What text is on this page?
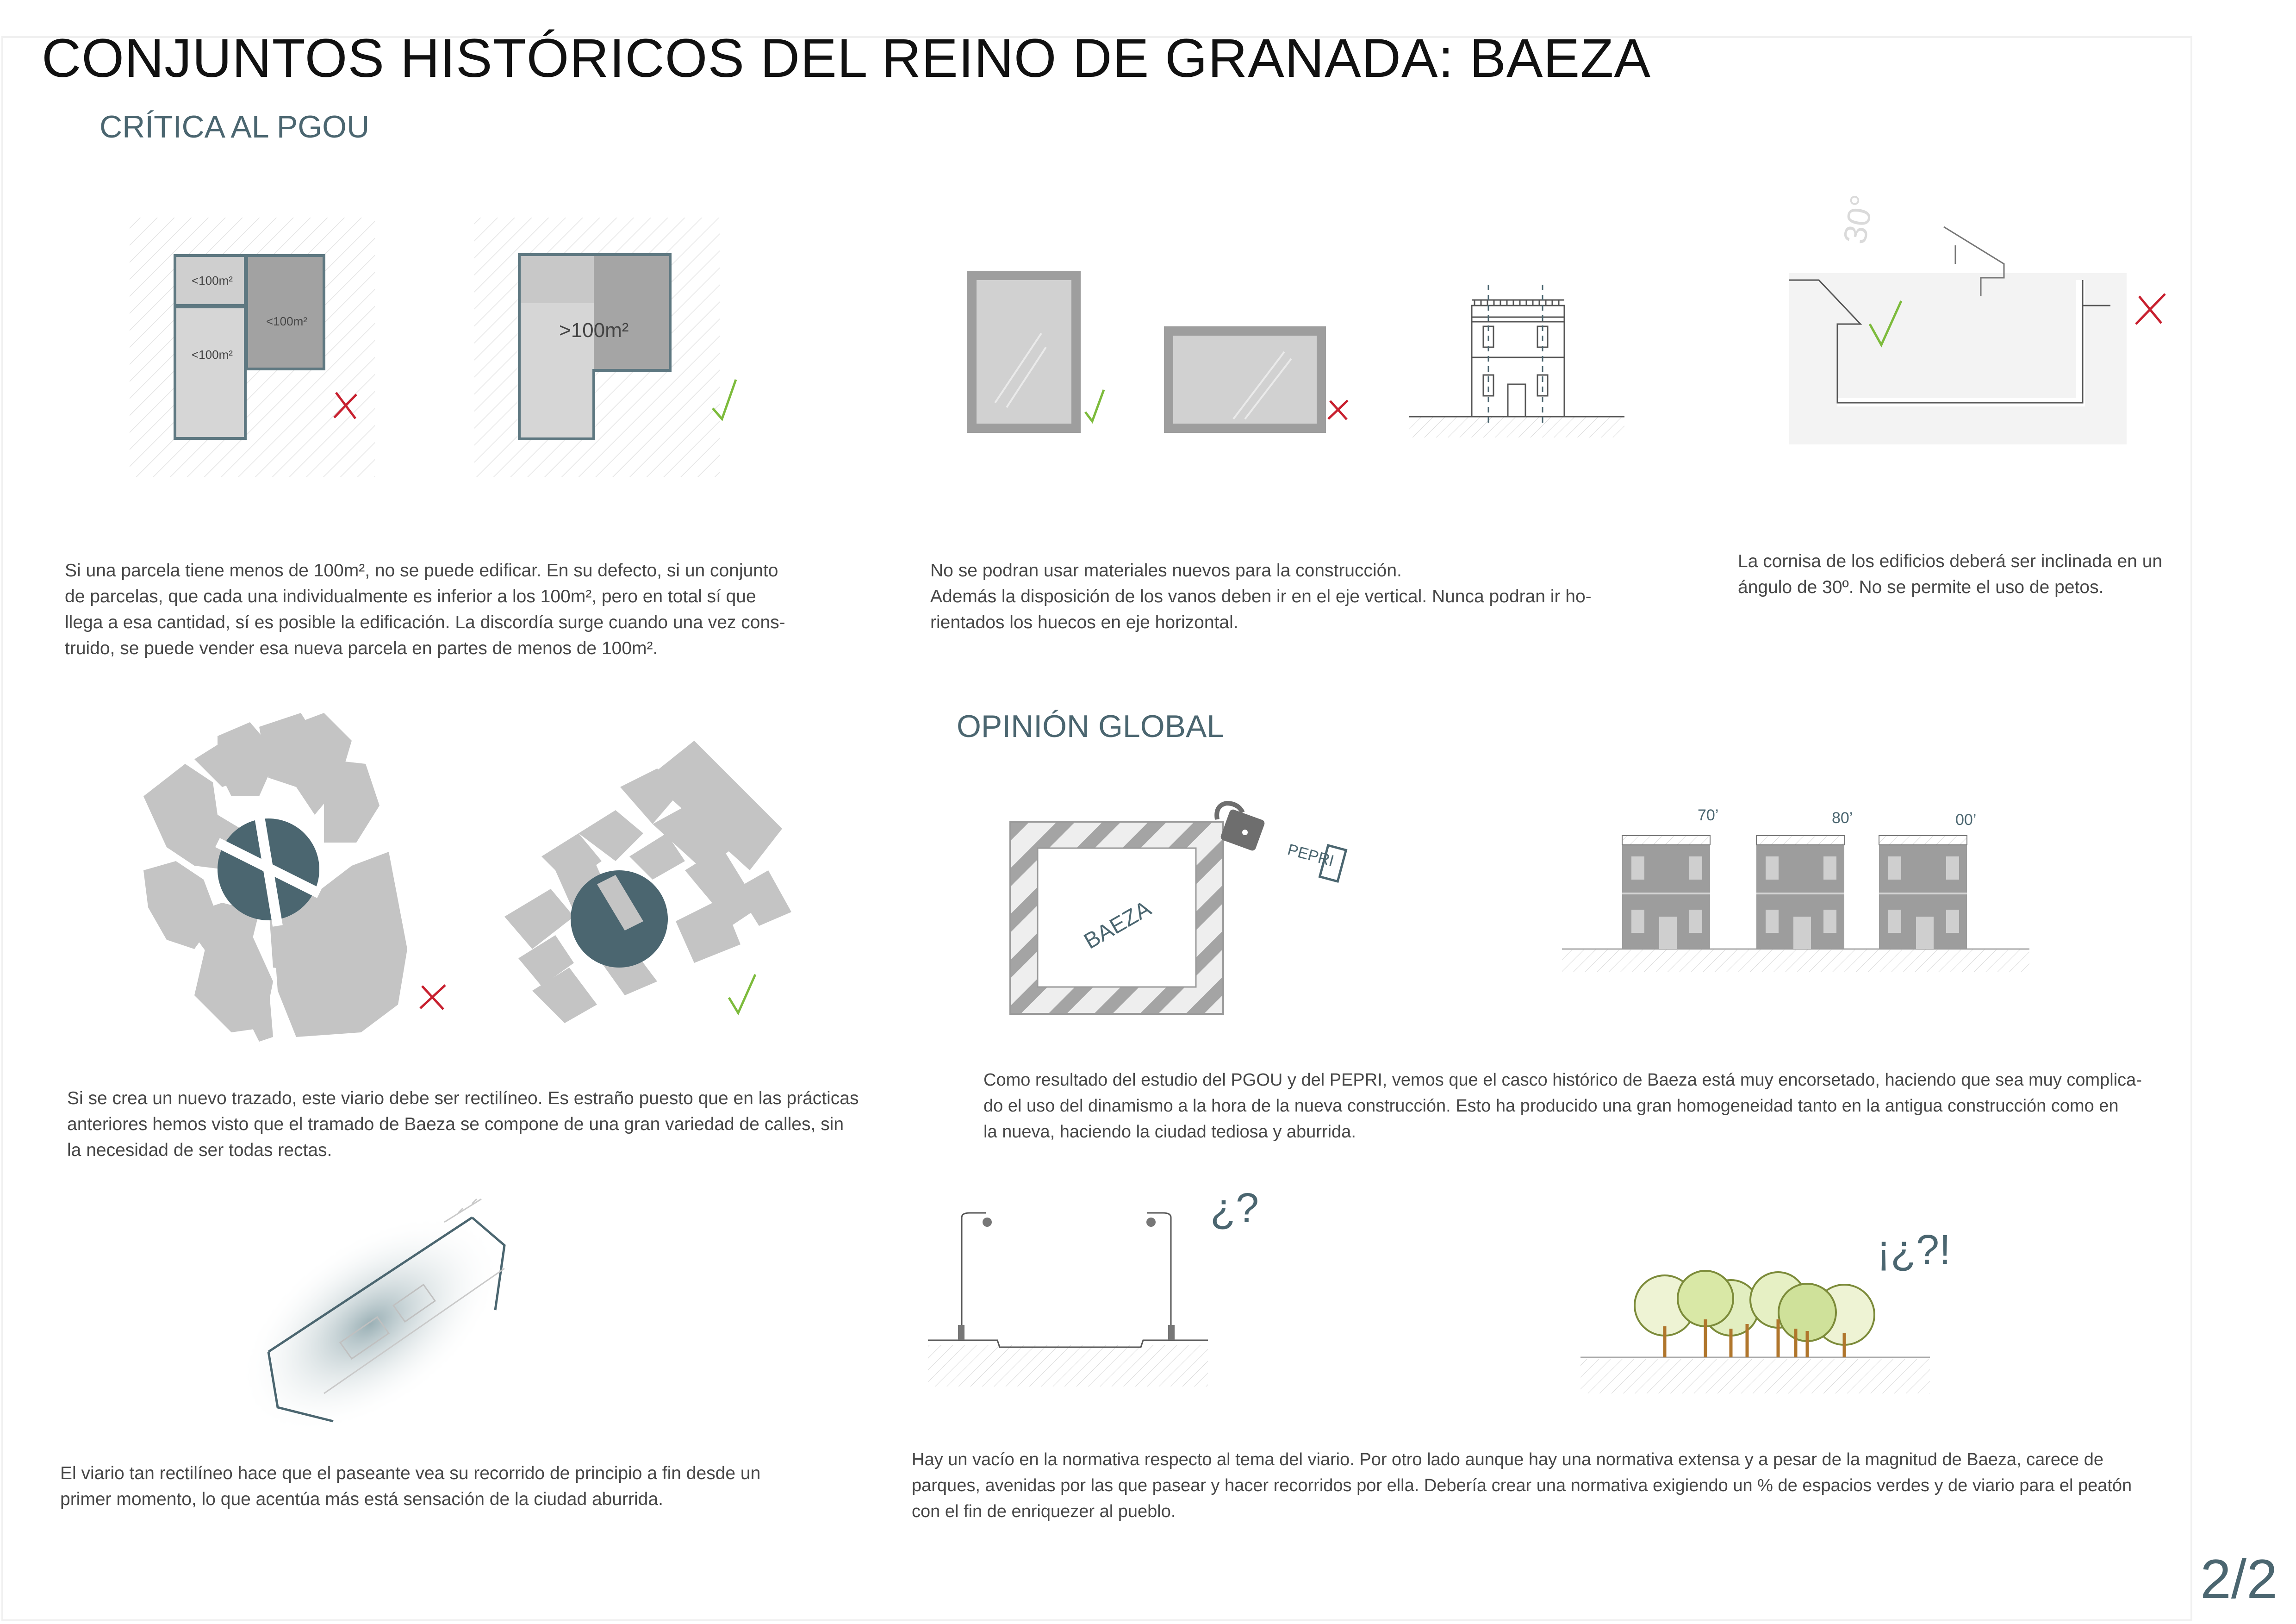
CONJUNTOS HISTÓRICOS DEL REINO DE GRANADA: BAEZA
CRÍTICA AL PGOU
OPINIÓN GLOBAL
<100m²
<100m²
<100m²
>100m²
30°
BAEZA
PEPRI
70’	80’	00’
¿?
¡¿?!
Si una parcela tiene menos de 100m², no se puede edificar. En su defecto, si un conjunto
de parcelas, que cada una individualmente es inferior a los 100m², pero en total sí que
llega a esa cantidad, sí es posible la edificación. La discordía surge cuando una vez cons-
truido, se puede vender esa nueva parcela en partes de menos de 100m².
No se podran usar materiales nuevos para la construcción.
Además la disposición de los vanos deben ir en el eje vertical. Nunca podran ir ho-
rientados los huecos en eje horizontal.
La cornisa de los edificios deberá ser inclinada en un
ángulo de 30º. No se permite el uso de petos.
Si se crea un nuevo trazado, este viario debe ser rectilíneo. Es estraño puesto que en las prácticas
anteriores hemos visto que el tramado de Baeza se compone de una gran variedad de calles, sin
la necesidad de ser todas rectas.
Como resultado del estudio del PGOU y del PEPRI, vemos que el casco histórico de Baeza está muy encorsetado, haciendo que sea muy complica-
do el uso del dinamismo a la hora de la nueva construcción. Esto ha producido una gran homogeneidad tanto en la antigua construcción como en
la nueva, haciendo la ciudad tediosa y aburrida.
El viario tan rectilíneo hace que el paseante vea su recorrido de principio a fin desde un
primer momento, lo que acentúa más está sensación de la ciudad aburrida.
Hay un vacío en la normativa respecto al tema del viario. Por otro lado aunque hay una normativa extensa y a pesar de la magnitud de Baeza, carece de
parques, avenidas por las que pasear y hacer recorridos por ella. Debería crear una normativa exigiendo un % de espacios verdes y de viario para el peatón
con el fin de enriquezer al pueblo.
2/2
